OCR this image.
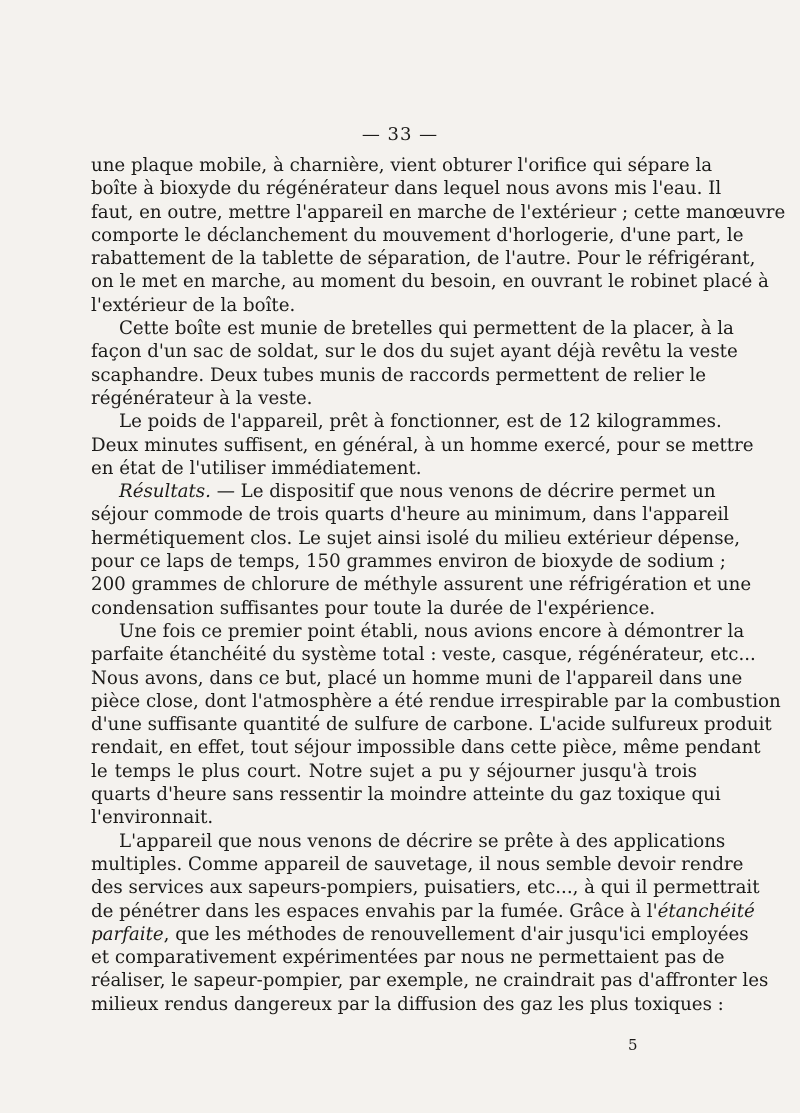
— 33 —
une plaque mobile, à charnière, vient obturer l'orifice qui sépare la
boîte à bioxyde du régénérateur dans lequel nous avons mis l'eau. Il
faut, en outre, mettre l'appareil en marche de l'extérieur ; cette manœuvre
comporte le déclanchement du mouvement d'horlogerie, d'une part, le
rabattement de la tablette de séparation, de l'autre. Pour le réfrigérant,
on le met en marche, au moment du besoin, en ouvrant le robinet placé à
l'extérieur de la boîte.
Cette boîte est munie de bretelles qui permettent de la placer, à la
façon d'un sac de soldat, sur le dos du sujet ayant déjà revêtu la veste
scaphandre. Deux tubes munis de raccords permettent de relier le
régénérateur à la veste.
Le poids de l'appareil, prêt à fonctionner, est de 12 kilogrammes.
Deux minutes suffisent, en général, à un homme exercé, pour se mettre
en état de l'utiliser immédiatement.
Résultats. — Le dispositif que nous venons de décrire permet un
séjour commode de trois quarts d'heure au minimum, dans l'appareil
hermétiquement clos. Le sujet ainsi isolé du milieu extérieur dépense,
pour ce laps de temps, 150 grammes environ de bioxyde de sodium ;
200 grammes de chlorure de méthyle assurent une réfrigération et une
condensation suffisantes pour toute la durée de l'expérience.
Une fois ce premier point établi, nous avions encore à démontrer la
parfaite étanchéité du système total : veste, casque, régénérateur, etc...
Nous avons, dans ce but, placé un homme muni de l'appareil dans une
pièce close, dont l'atmosphère a été rendue irrespirable par la combustion
d'une suffisante quantité de sulfure de carbone. L'acide sulfureux produit
rendait, en effet, tout séjour impossible dans cette pièce, même pendant
le temps le plus court. Notre sujet a pu y séjourner jusqu'à trois
quarts d'heure sans ressentir la moindre atteinte du gaz toxique qui
l'environnait.
L'appareil que nous venons de décrire se prête à des applications
multiples. Comme appareil de sauvetage, il nous semble devoir rendre
des services aux sapeurs-pompiers, puisatiers, etc..., à qui il permettrait
de pénétrer dans les espaces envahis par la fumée. Grâce à l'étanchéité
parfaite, que les méthodes de renouvellement d'air jusqu'ici employées
et comparativement expérimentées par nous ne permettaient pas de
réaliser, le sapeur-pompier, par exemple, ne craindrait pas d'affronter les
milieux rendus dangereux par la diffusion des gaz les plus toxiques :
5
